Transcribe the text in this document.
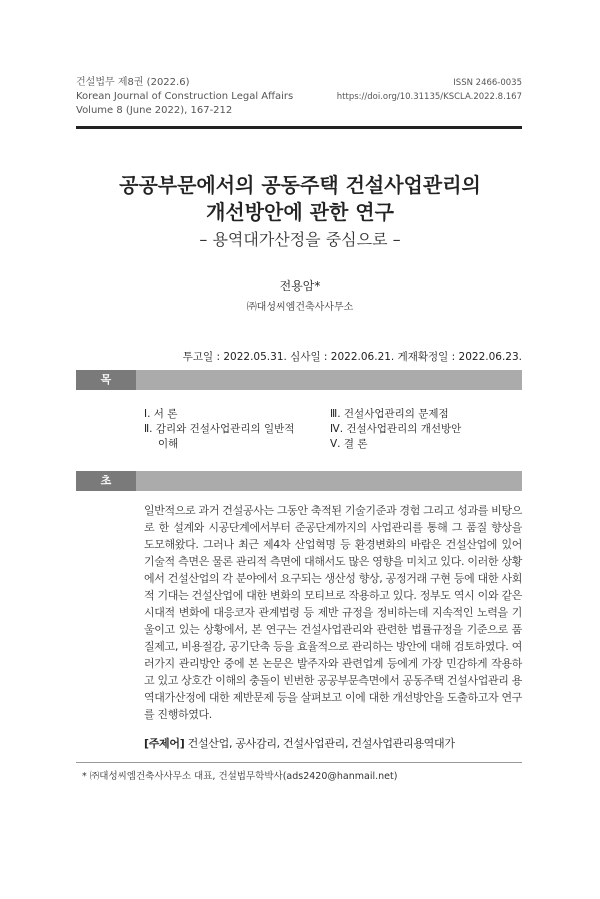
건설법무 제8권 (2022.6)
Korean Journal of Construction Legal Affairs
Volume 8 (June 2022), 167-212
ISSN 2466-0035
https://doi.org/10.31135/KSCLA.2022.8.167
공공부문에서의 공동주택 건설사업관리의
개선방안에 관한 연구
– 용역대가산정을 중심으로 –
전용암*
㈜대성씨엠건축사사무소
투고일 : 2022.05.31. 심사일 : 2022.06.21. 게재확정일 : 2022.06.23.
목 차
Ⅰ. 서 론
Ⅱ. 감리와 건설사업관리의 일반적
이해
Ⅲ. 건설사업관리의 문제점
Ⅳ. 건설사업관리의 개선방안
Ⅴ. 결 론
초 록
일반적으로 과거 건설공사는 그동안 축적된 기술기준과 경험 그리고 성과를 비탕으로 한 설계와 시공단계에서부터 준공단계까지의 사업관리를 통해 그 품질 향상을 도모해왔다. 그러나 최근 제4차 산업혁명 등 환경변화의 바람은 건설산업에 있어 기술적 측면은 물론 관리적 측면에 대해서도 많은 영향을 미치고 있다. 이러한 상황에서 건설산업의 각 분야에서 요구되는 생산성 향상, 공정거래 구현 등에 대한 사회적 기대는 건설산업에 대한 변화의 모티브로 작용하고 있다. 정부도 역시 이와 같은 시대적 변화에 대응코자 관계법령 등 제반 규정을 정비하는데 지속적인 노력을 기울이고 있는 상황에서, 본 연구는 건설사업관리와 관련한 법률규정을 기준으로 품질제고, 비용절감, 공기단축 등을 효율적으로 관리하는 방안에 대해 검토하였다. 여러가지 관리방안 중에 본 논문은 발주자와 관련업계 등에게 가장 민감하게 작용하고 있고 상호간 이해의 충돌이 빈번한 공공부문측면에서 공동주택 건설사업관리 용역대가산정에 대한 제반문제 등을 살펴보고 이에 대한 개선방안을 도출하고자 연구를 진행하였다.
[주제어] 건설산업, 공사감리, 건설사업관리, 건설사업관리용역대가
* ㈜대성씨엠건축사사무소 대표, 건설법무학박사(ads2420@hanmail.net)
